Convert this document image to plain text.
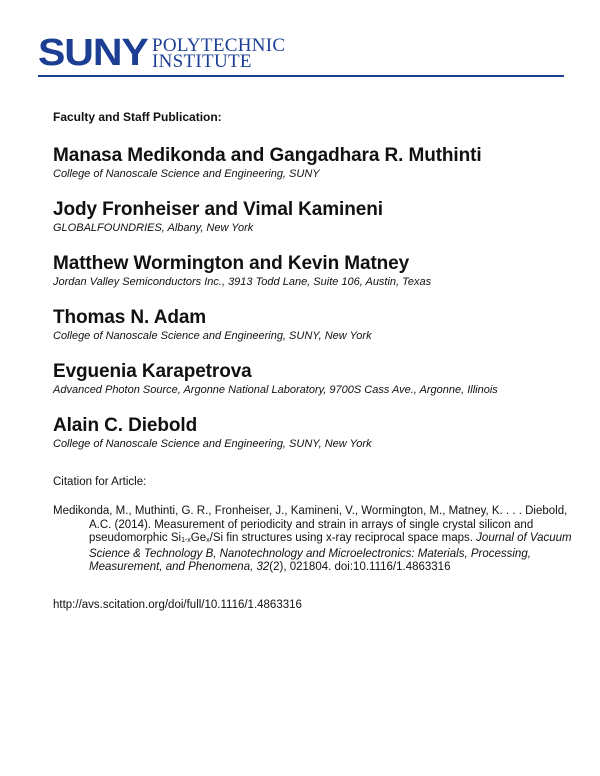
SUNY POLYTECHNIC
INSTITUTE
Faculty and Staff Publication:
Manasa Medikonda and Gangadhara R. Muthinti
College of Nanoscale Science and Engineering, SUNY
Jody Fronheiser and Vimal Kamineni
GLOBALFOUNDRIES, Albany, New York
Matthew Wormington and Kevin Matney
Jordan Valley Semiconductors Inc., 3913 Todd Lane, Suite 106, Austin, Texas
Thomas N. Adam
College of Nanoscale Science and Engineering, SUNY, New York
Evguenia Karapetrova
Advanced Photon Source, Argonne National Laboratory, 9700S Cass Ave., Argonne, Illinois
Alain C. Diebold
College of Nanoscale Science and Engineering, SUNY, New York
Citation for Article:
Medikonda, M., Muthinti, G. R., Fronheiser, J., Kamineni, V., Wormington, M., Matney, K. . . . Diebold, A.C. (2014). Measurement of periodicity and strain in arrays of single crystal silicon and pseudomorphic $Si_{1-x}Ge_x/Si$ fin structures using x-ray reciprocal space maps. Journal of Vacuum Science & Technology B, Nanotechnology and Microelectronics: Materials, Processing, Measurement, and Phenomena, 32(2), 021804. doi:10.1116/1.4863316
http://avs.scitation.org/doi/full/10.1116/1.4863316
